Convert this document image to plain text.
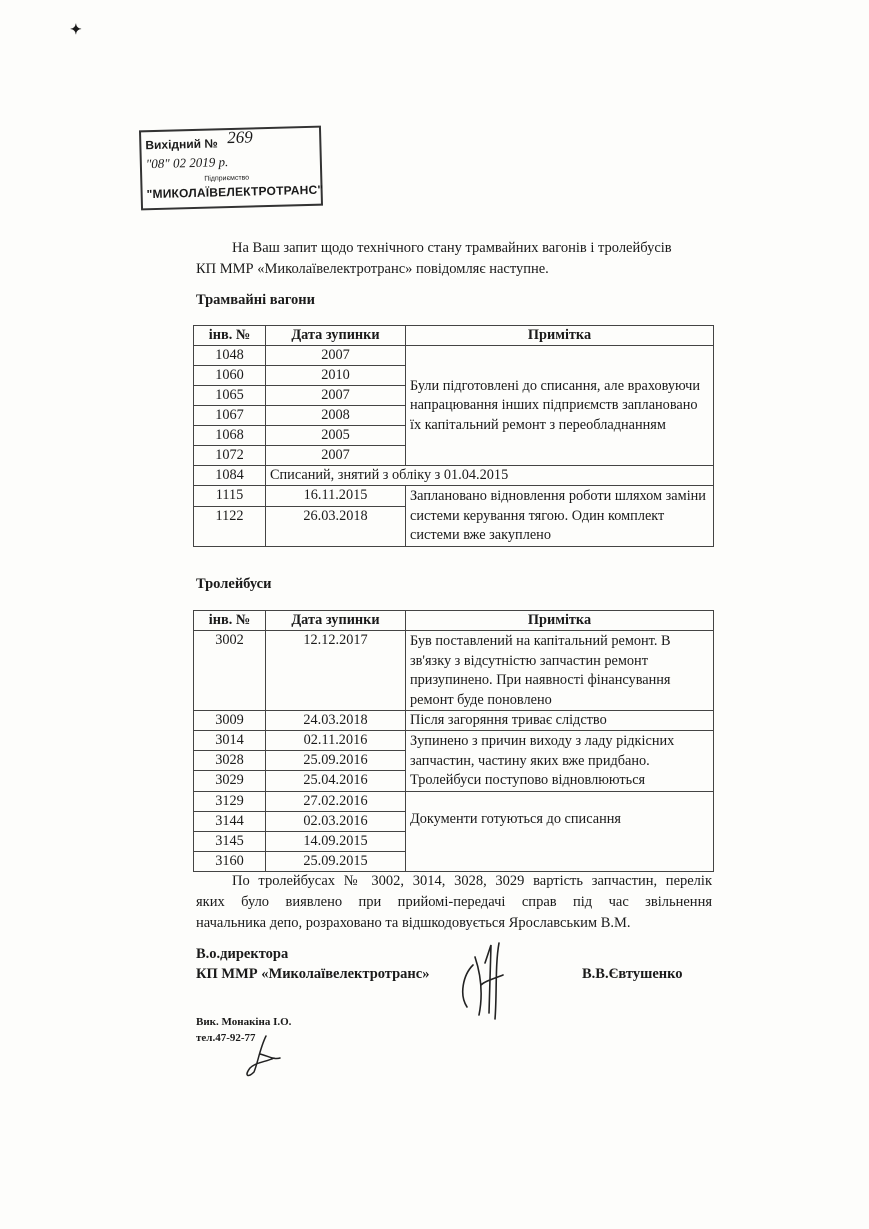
Вихідний № 269
"08" 02 2019 р.
Підприємство
"МИКОЛАЇВЕЛЕКТРОТРАНС"
На Ваш запит щодо технічного стану трамвайних вагонів і тролейбусів
КП ММР «Миколаївелектротранс» повідомляє наступне.
Трамвайні вагони
інв. №	Дата зупинки	Примітка
1048	2007	Були підготовлені до списання, але враховуючи напрацювання інших підприємств заплановано їх капітальний ремонт з переобладнанням
1060	2010	
1065	2007	
1067	2008	
1068	2005	
1072	2007	
1084	Списаний, знятий з обліку з 01.04.2015	
1115	16.11.2015	Заплановано відновлення роботи шляхом заміни системи керування тягою. Один комплект системи вже закуплено
1122	26.03.2018	
Тролейбуси
інв. №	Дата зупинки	Примітка
3002	12.12.2017	Був поставлений на капітальний ремонт. В зв'язку з відсутністю запчастин ремонт призупинено. При наявності фінансування ремонт буде поновлено
3009	24.03.2018	Після загоряння триває слідство
3014	02.11.2016	Зупинено з причин виходу з ладу рідкісних запчастин, частину яких вже придбано. Тролейбуси поступово відновлюються
3028	25.09.2016	
3029	25.04.2016	
3129	27.02.2016	Документи готуються до списання
3144	02.03.2016	
3145	14.09.2015	
3160	25.09.2015	
По тролейбусах № 3002, 3014, 3028, 3029 вартість запчастин, перелік
яких було виявлено при прийомі-передачі справ під час звільнення
начальника депо, розраховано та відшкодовується Ярославським В.М.
В.о.директора
КП ММР «Миколаївелектротранс»	В.В.Євтушенко
Вик. Монакіна І.О.
тел.47-92-77
✦
